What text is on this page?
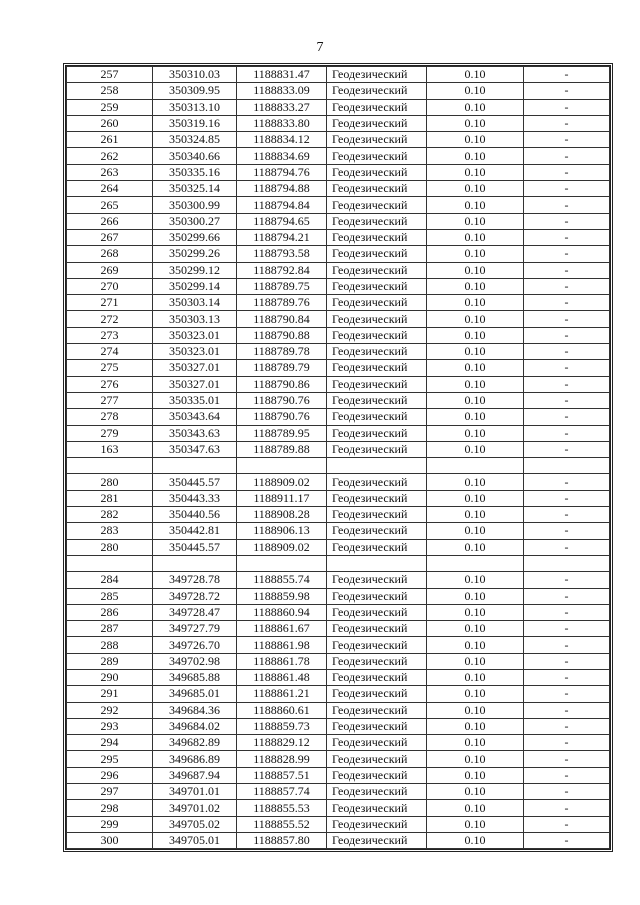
7
257	350310.03	1188831.47	Геодезический	0.10	-
258	350309.95	1188833.09	Геодезический	0.10	-
259	350313.10	1188833.27	Геодезический	0.10	-
260	350319.16	1188833.80	Геодезический	0.10	-
261	350324.85	1188834.12	Геодезический	0.10	-
262	350340.66	1188834.69	Геодезический	0.10	-
263	350335.16	1188794.76	Геодезический	0.10	-
264	350325.14	1188794.88	Геодезический	0.10	-
265	350300.99	1188794.84	Геодезический	0.10	-
266	350300.27	1188794.65	Геодезический	0.10	-
267	350299.66	1188794.21	Геодезический	0.10	-
268	350299.26	1188793.58	Геодезический	0.10	-
269	350299.12	1188792.84	Геодезический	0.10	-
270	350299.14	1188789.75	Геодезический	0.10	-
271	350303.14	1188789.76	Геодезический	0.10	-
272	350303.13	1188790.84	Геодезический	0.10	-
273	350323.01	1188790.88	Геодезический	0.10	-
274	350323.01	1188789.78	Геодезический	0.10	-
275	350327.01	1188789.79	Геодезический	0.10	-
276	350327.01	1188790.86	Геодезический	0.10	-
277	350335.01	1188790.76	Геодезический	0.10	-
278	350343.64	1188790.76	Геодезический	0.10	-
279	350343.63	1188789.95	Геодезический	0.10	-
163	350347.63	1188789.88	Геодезический	0.10	-

280	350445.57	1188909.02	Геодезический	0.10	-
281	350443.33	1188911.17	Геодезический	0.10	-
282	350440.56	1188908.28	Геодезический	0.10	-
283	350442.81	1188906.13	Геодезический	0.10	-
280	350445.57	1188909.02	Геодезический	0.10	-

284	349728.78	1188855.74	Геодезический	0.10	-
285	349728.72	1188859.98	Геодезический	0.10	-
286	349728.47	1188860.94	Геодезический	0.10	-
287	349727.79	1188861.67	Геодезический	0.10	-
288	349726.70	1188861.98	Геодезический	0.10	-
289	349702.98	1188861.78	Геодезический	0.10	-
290	349685.88	1188861.48	Геодезический	0.10	-
291	349685.01	1188861.21	Геодезический	0.10	-
292	349684.36	1188860.61	Геодезический	0.10	-
293	349684.02	1188859.73	Геодезический	0.10	-
294	349682.89	1188829.12	Геодезический	0.10	-
295	349686.89	1188828.99	Геодезический	0.10	-
296	349687.94	1188857.51	Геодезический	0.10	-
297	349701.01	1188857.74	Геодезический	0.10	-
298	349701.02	1188855.53	Геодезический	0.10	-
299	349705.02	1188855.52	Геодезический	0.10	-
300	349705.01	1188857.80	Геодезический	0.10	-
